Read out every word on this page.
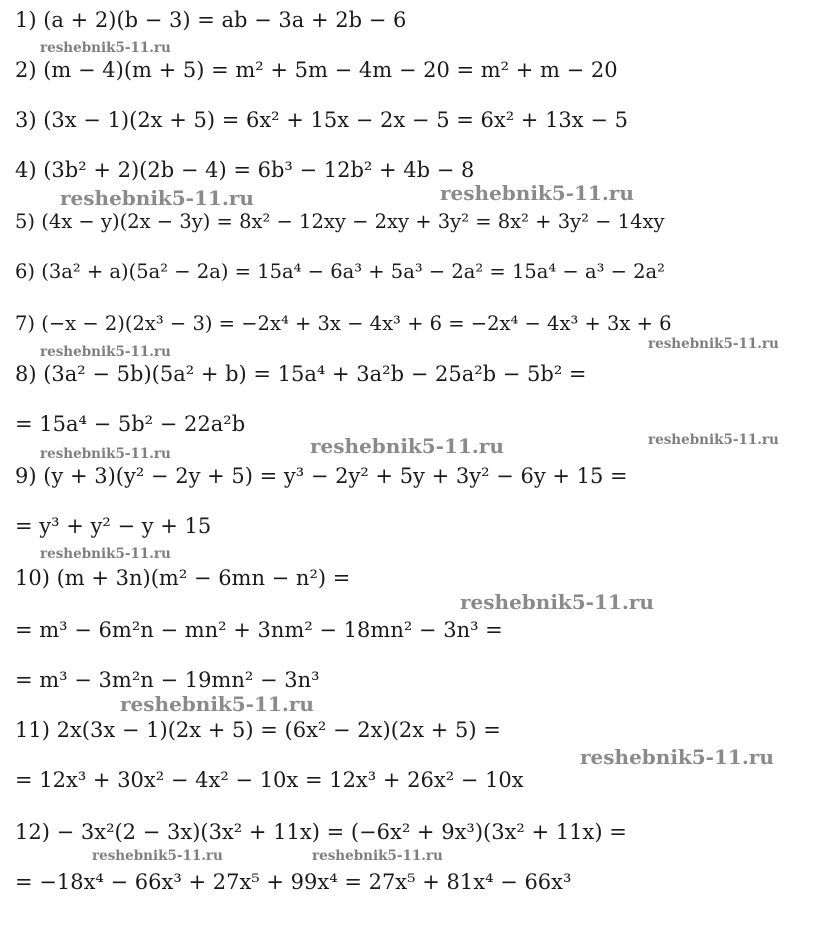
1) (a + 2)(b − 3) = ab − 3a + 2b − 6

2) (m − 4)(m + 5) = m² + 5m − 4m − 20 = m² + m − 20

3) (3x − 1)(2x + 5) = 6x² + 15x − 2x − 5 = 6x² + 13x − 5

4) (3b² + 2)(2b − 4) = 6b³ − 12b² + 4b − 8

5) (4x − y)(2x − 3y) = 8x² − 12xy − 2xy + 3y² = 8x² + 3y² − 14xy

6) (3a² + a)(5a² − 2a) = 15a⁴ − 6a³ + 5a³ − 2a² = 15a⁴ − a³ − 2a²

7) (−x − 2)(2x³ − 3) = −2x⁴ + 3x − 4x³ + 6 = −2x⁴ − 4x³ + 3x + 6

8) (3a² − 5b)(5a² + b) = 15a⁴ + 3a²b − 25a²b − 5b² =

= 15a⁴ − 5b² − 22a²b

9) (y + 3)(y² − 2y + 5) = y³ − 2y² + 5y + 3y² − 6y + 15 =

= y³ + y² − y + 15

10) (m + 3n)(m² − 6mn − n²) =

= m³ − 6m²n − mn² + 3nm² − 18mn² − 3n³ =

= m³ − 3m²n − 19mn² − 3n³

11) 2x(3x − 1)(2x + 5) = (6x² − 2x)(2x + 5) =

= 12x³ + 30x² − 4x² − 10x = 12x³ + 26x² − 10x

12) − 3x²(2 − 3x)(3x² + 11x) = (−6x² + 9x³)(3x² + 11x) =

= −18x⁴ − 66x³ + 27x⁵ + 99x⁴ = 27x⁵ + 81x⁴ − 66x³

reshebnik5-11.ru
reshebnik5-11.ru	reshebnik5-11.ru
reshebnik5-11.ru	reshebnik5-11.ru
reshebnik5-11.ru	reshebnik5-11.ru
reshebnik5-11.ru
reshebnik5-11.ru
reshebnik5-11.ru
reshebnik5-11.ru
reshebnik5-11.ru
reshebnik5-11.ru	reshebnik5-11.ru
